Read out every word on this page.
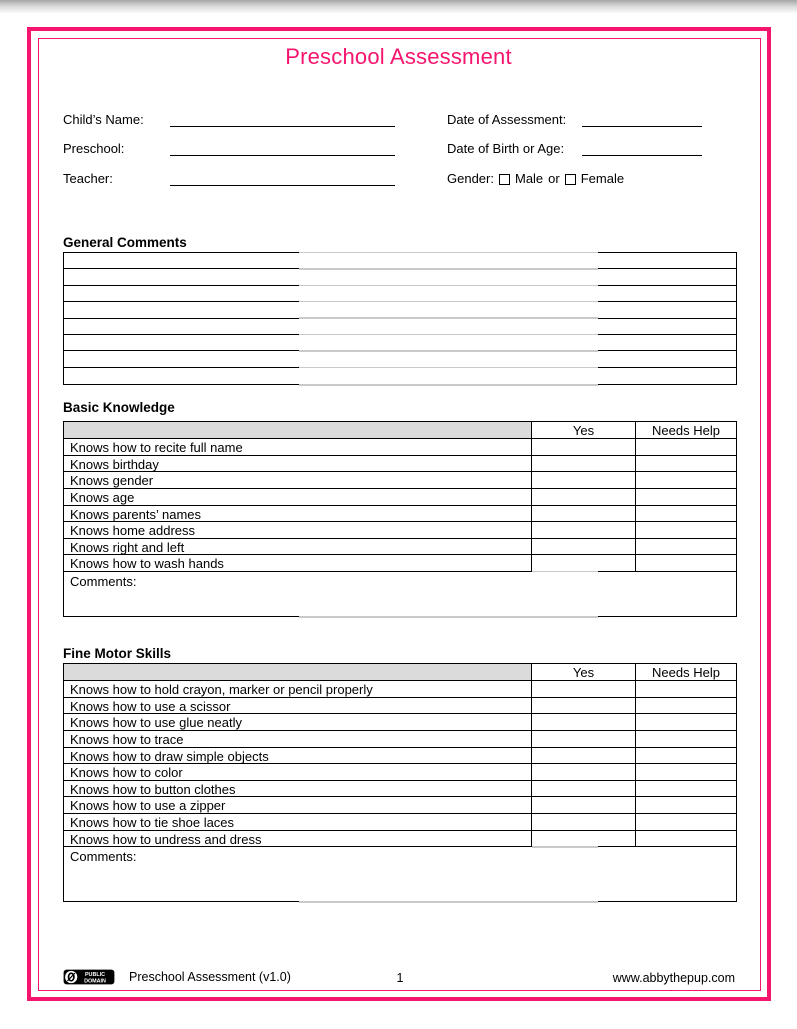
Preschool Assessment
Child’s Name:	Date of Assessment:
Preschool:	Date of Birth or Age:
Teacher:	Gender: Male or Female
General Comments
Basic Knowledge
Yes	Needs Help
Knows how to recite full name
Knows birthday
Knows gender
Knows age
Knows parents’ names
Knows home address
Knows right and left
Knows how to wash hands
Comments:
Fine Motor Skills
Yes	Needs Help
Knows how to hold crayon, marker or pencil properly
Knows how to use a scissor
Knows how to use glue neatly
Knows how to trace
Knows how to draw simple objects
Knows how to color
Knows how to button clothes
Knows how to use a zipper
Knows how to tie shoe laces
Knows how to undress and dress
Comments:
PUBLIC
DOMAIN Preschool Assessment (v1.0)	1	www.abbythepup.com
